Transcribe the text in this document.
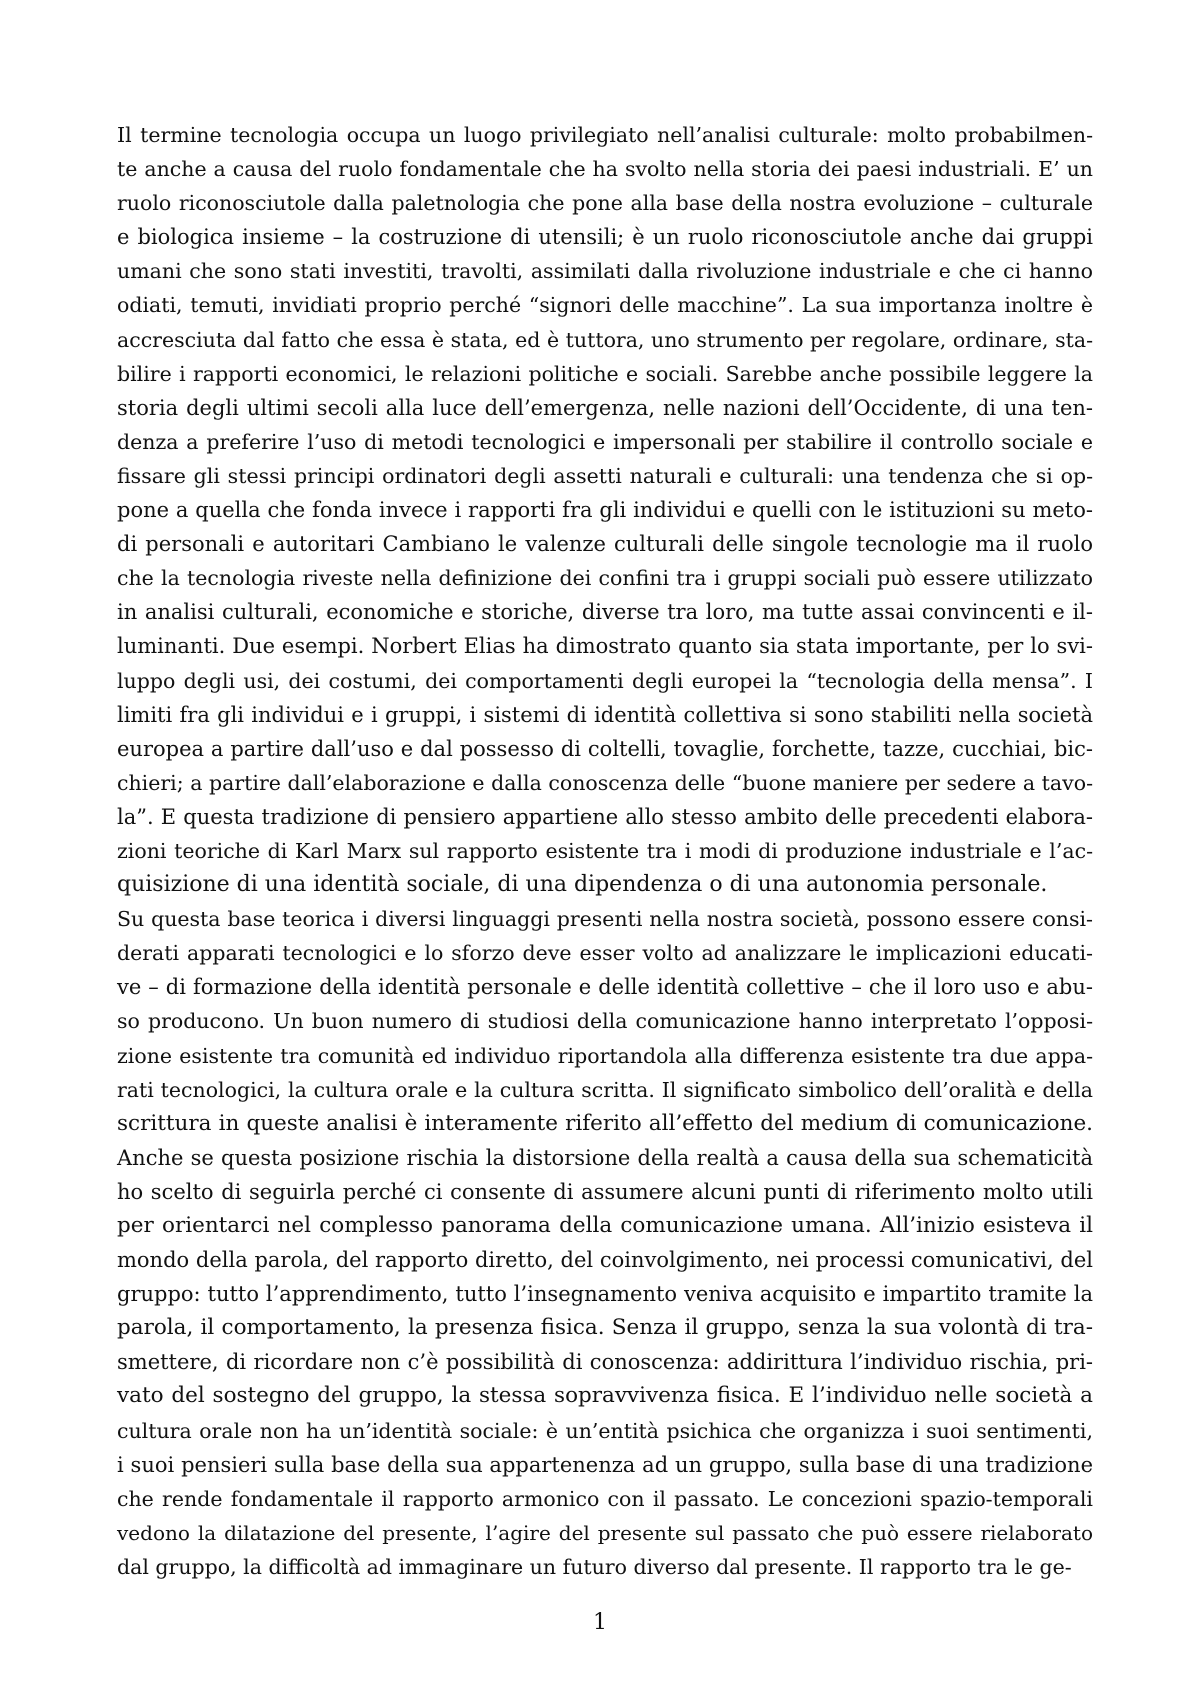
Il termine tecnologia occupa un luogo privilegiato nell’analisi culturale: molto probabilmen-
te anche a causa del ruolo fondamentale che ha svolto nella storia dei paesi industriali. E’ un
ruolo riconosciutole dalla paletnologia che pone alla base della nostra evoluzione – culturale
e biologica insieme – la costruzione di utensili; è un ruolo riconosciutole anche dai gruppi
umani che sono stati investiti, travolti, assimilati dalla rivoluzione industriale e che ci hanno
odiati, temuti, invidiati proprio perché “signori delle macchine”. La sua importanza inoltre è
accresciuta dal fatto che essa è stata, ed è tuttora, uno strumento per regolare, ordinare, sta-
bilire i rapporti economici, le relazioni politiche e sociali. Sarebbe anche possibile leggere la
storia degli ultimi secoli alla luce dell’emergenza, nelle nazioni dell’Occidente, di una ten-
denza a preferire l’uso di metodi tecnologici e impersonali per stabilire il controllo sociale e
fissare gli stessi principi ordinatori degli assetti naturali e culturali: una tendenza che si op-
pone a quella che fonda invece i rapporti fra gli individui e quelli con le istituzioni su meto-
di personali e autoritari Cambiano le valenze culturali delle singole tecnologie ma il ruolo
che la tecnologia riveste nella definizione dei confini tra i gruppi sociali può essere utilizzato
in analisi culturali, economiche e storiche, diverse tra loro, ma tutte assai convincenti e il-
luminanti. Due esempi. Norbert Elias ha dimostrato quanto sia stata importante, per lo svi-
luppo degli usi, dei costumi, dei comportamenti degli europei la “tecnologia della mensa”. I
limiti fra gli individui e i gruppi, i sistemi di identità collettiva si sono stabiliti nella società
europea a partire dall’uso e dal possesso di coltelli, tovaglie, forchette, tazze, cucchiai, bic-
chieri; a partire dall’elaborazione e dalla conoscenza delle “buone maniere per sedere a tavo-
la”. E questa tradizione di pensiero appartiene allo stesso ambito delle precedenti elabora-
zioni teoriche di Karl Marx sul rapporto esistente tra i modi di produzione industriale e l’ac-
quisizione di una identità sociale, di una dipendenza o di una autonomia personale.
Su questa base teorica i diversi linguaggi presenti nella nostra società, possono essere consi-
derati apparati tecnologici e lo sforzo deve esser volto ad analizzare le implicazioni educati-
ve – di formazione della identità personale e delle identità collettive – che il loro uso e abu-
so producono. Un buon numero di studiosi della comunicazione hanno interpretato l’opposi-
zione esistente tra comunità ed individuo riportandola alla differenza esistente tra due appa-
rati tecnologici, la cultura orale e la cultura scritta. Il significato simbolico dell’oralità e della
scrittura in queste analisi è interamente riferito all’effetto del medium di comunicazione.
Anche se questa posizione rischia la distorsione della realtà a causa della sua schematicità
ho scelto di seguirla perché ci consente di assumere alcuni punti di riferimento molto utili
per orientarci nel complesso panorama della comunicazione umana. All’inizio esisteva il
mondo della parola, del rapporto diretto, del coinvolgimento, nei processi comunicativi, del
gruppo: tutto l’apprendimento, tutto l’insegnamento veniva acquisito e impartito tramite la
parola, il comportamento, la presenza fisica. Senza il gruppo, senza la sua volontà di tra-
smettere, di ricordare non c’è possibilità di conoscenza: addirittura l’individuo rischia, pri-
vato del sostegno del gruppo, la stessa sopravvivenza fisica. E l’individuo nelle società a
cultura orale non ha un’identità sociale: è un’entità psichica che organizza i suoi sentimenti,
i suoi pensieri sulla base della sua appartenenza ad un gruppo, sulla base di una tradizione
che rende fondamentale il rapporto armonico con il passato. Le concezioni spazio-temporali
vedono la dilatazione del presente, l’agire del presente sul passato che può essere rielaborato
dal gruppo, la difficoltà ad immaginare un futuro diverso dal presente. Il rapporto tra le ge-
1
